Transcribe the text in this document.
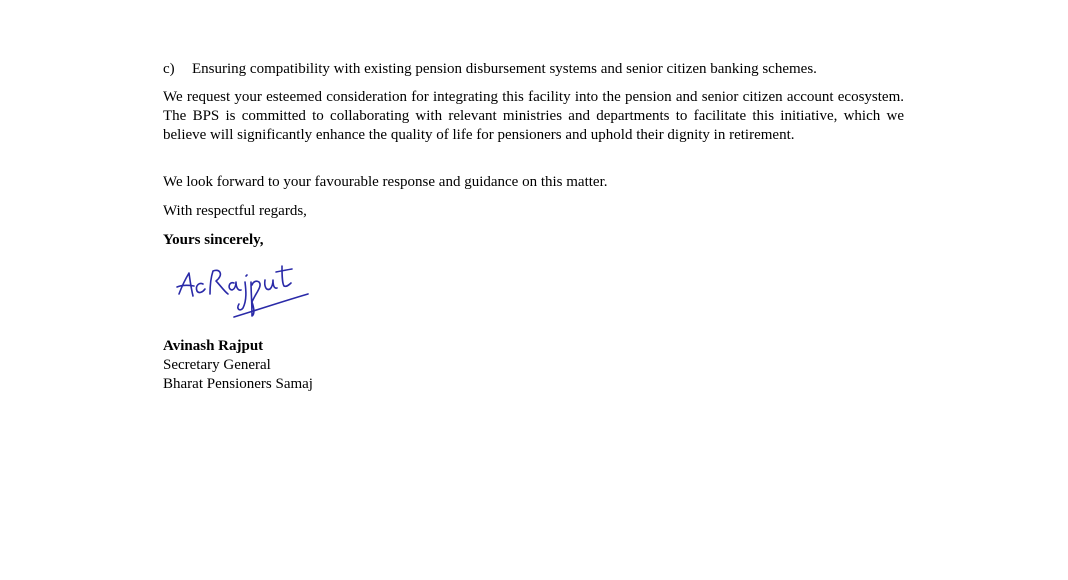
c) Ensuring compatibility with existing pension disbursement systems and senior citizen banking schemes.
We request your esteemed consideration for integrating this facility into the pension and senior citizen account ecosystem. The BPS is committed to collaborating with relevant ministries and departments to facilitate this initiative, which we believe will significantly enhance the quality of life for pensioners and uphold their dignity in retirement.
We look forward to your favourable response and guidance on this matter.
With respectful regards,
Yours sincerely,
Avinash Rajput
Secretary General
Bharat Pensioners Samaj
